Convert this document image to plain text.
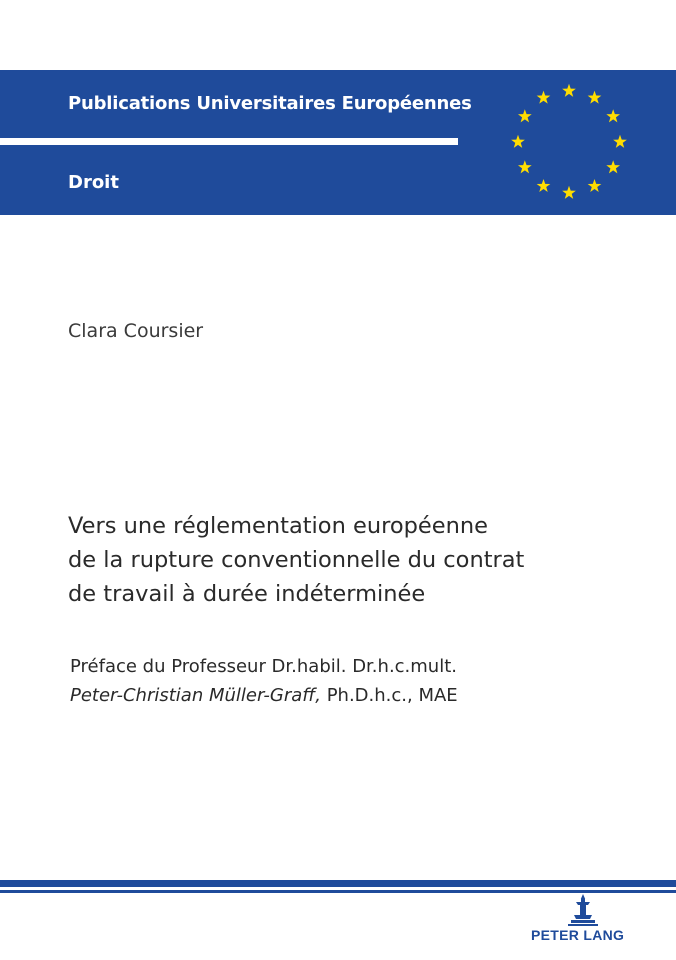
Publications Universitaires Européennes
Droit
Clara Coursier
Vers une réglementation européenne
de la rupture conventionnelle du contrat
de travail à durée indéterminée
Préface du Professeur Dr.habil. Dr.h.c.mult.
Peter-Christian Müller-Graff, Ph.D.h.c., MAE
PETER LANG
